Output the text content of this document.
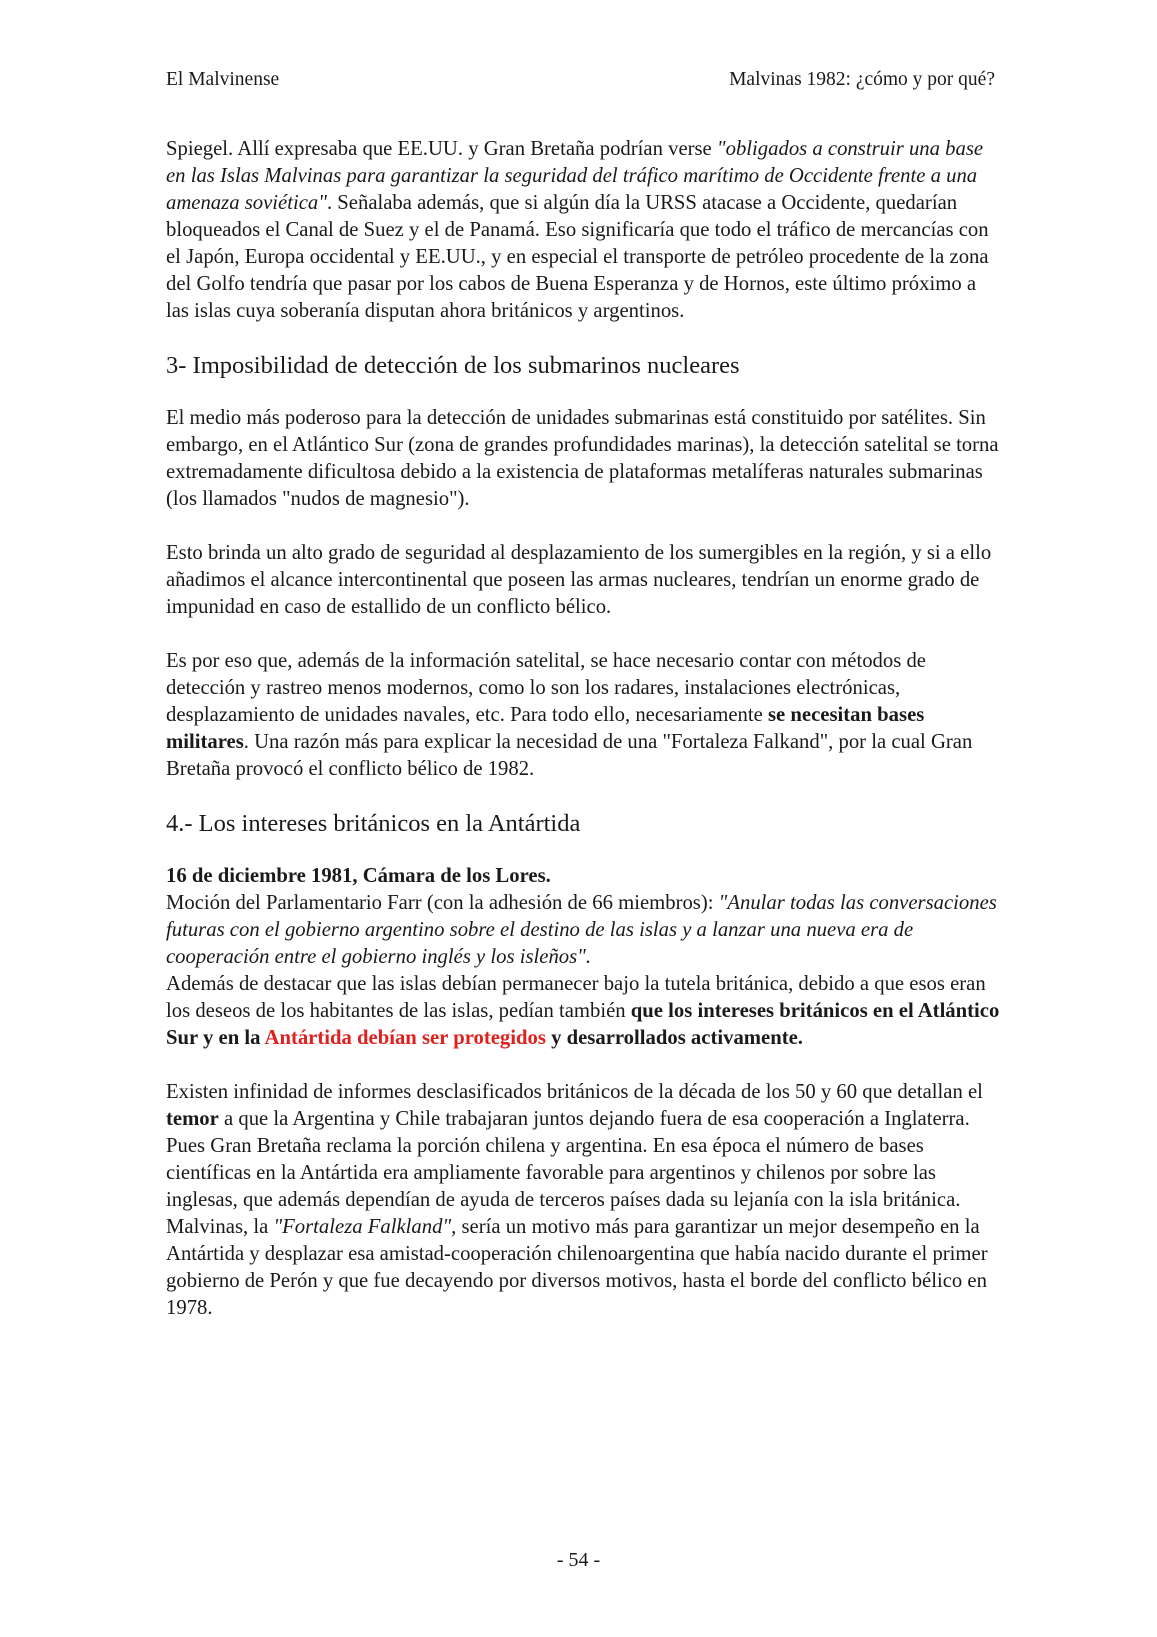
El Malvinense	Malvinas 1982: ¿cómo y por qué?

Spiegel. Allí expresaba que EE.UU. y Gran Bretaña podrían verse "obligados a construir una base en las Islas Malvinas para garantizar la seguridad del tráfico marítimo de Occidente frente a una amenaza soviética". Señalaba además, que si algún día la URSS atacase a Occidente, quedarían bloqueados el Canal de Suez y el de Panamá. Eso significaría que todo el tráfico de mercancías con el Japón, Europa occidental y EE.UU., y en especial el transporte de petróleo procedente de la zona del Golfo tendría que pasar por los cabos de Buena Esperanza y de Hornos, este último próximo a las islas cuya soberanía disputan ahora británicos y argentinos.

3- Imposibilidad de detección de los submarinos nucleares

El medio más poderoso para la detección de unidades submarinas está constituido por satélites. Sin embargo, en el Atlántico Sur (zona de grandes profundidades marinas), la detección satelital se torna extremadamente dificultosa debido a la existencia de plataformas metalíferas naturales submarinas (los llamados "nudos de magnesio").

Esto brinda un alto grado de seguridad al desplazamiento de los sumergibles en la región, y si a ello añadimos el alcance intercontinental que poseen las armas nucleares, tendrían un enorme grado de impunidad en caso de estallido de un conflicto bélico.

Es por eso que, además de la información satelital, se hace necesario contar con métodos de detección y rastreo menos modernos, como lo son los radares, instalaciones electrónicas, desplazamiento de unidades navales, etc. Para todo ello, necesariamente se necesitan bases militares. Una razón más para explicar la necesidad de una "Fortaleza Falkand", por la cual Gran Bretaña provocó el conflicto bélico de 1982.

4.- Los intereses británicos en la Antártida

16 de diciembre 1981, Cámara de los Lores.
Moción del Parlamentario Farr (con la adhesión de 66 miembros): "Anular todas las conversaciones futuras con el gobierno argentino sobre el destino de las islas y a lanzar una nueva era de cooperación entre el gobierno inglés y los isleños".
Además de destacar que las islas debían permanecer bajo la tutela británica, debido a que esos eran los deseos de los habitantes de las islas, pedían también que los intereses británicos en el Atlántico Sur y en la Antártida debían ser protegidos y desarrollados activamente.

Existen infinidad de informes desclasificados británicos de la década de los 50 y 60 que detallan el temor a que la Argentina y Chile trabajaran juntos dejando fuera de esa cooperación a Inglaterra. Pues Gran Bretaña reclama la porción chilena y argentina. En esa época el número de bases científicas en la Antártida era ampliamente favorable para argentinos y chilenos por sobre las inglesas, que además dependían de ayuda de terceros países dada su lejanía con la isla británica. Malvinas, la "Fortaleza Falkland", sería un motivo más para garantizar un mejor desempeño en la Antártida y desplazar esa amistad-cooperación chilenoargentina que había nacido durante el primer gobierno de Perón y que fue decayendo por diversos motivos, hasta el borde del conflicto bélico en 1978.

- 54 -
